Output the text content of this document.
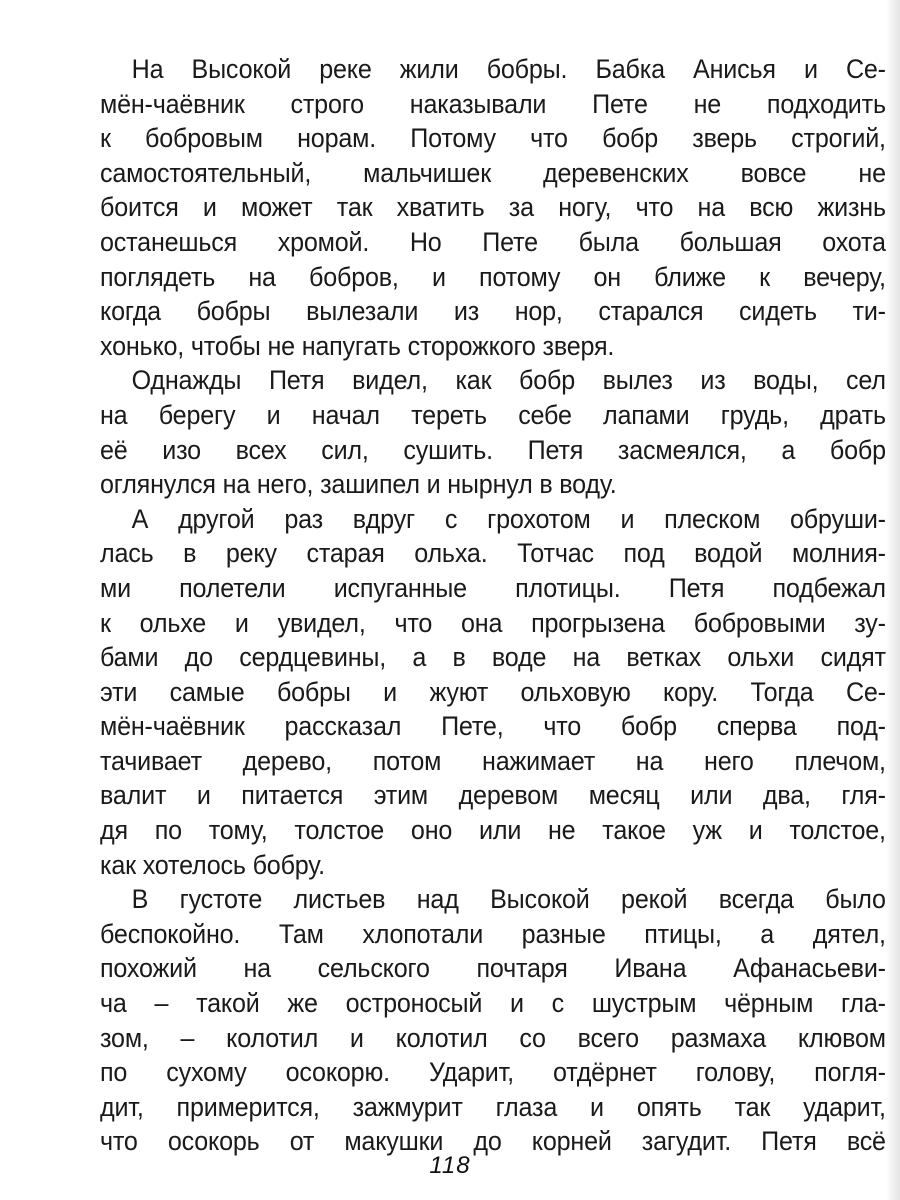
На Высокой реке жили бобры. Бабка Анисья и Се-
мён-чаёвник строго наказывали Пете не подходить
к бобровым норам. Потому что бобр зверь строгий,
самостоятельный, мальчишек деревенских вовсе не
боится и может так хватить за ногу, что на всю жизнь
останешься хромой. Но Пете была большая охота
поглядеть на бобров, и потому он ближе к вечеру,
когда бобры вылезали из нор, старался сидеть ти-
хонько, чтобы не напугать сторожкого зверя.
Однажды Петя видел, как бобр вылез из воды, сел
на берегу и начал тереть себе лапами грудь, драть
её изо всех сил, сушить. Петя засмеялся, а бобр
оглянулся на него, зашипел и нырнул в воду.
А другой раз вдруг с грохотом и плеском обруши-
лась в реку старая ольха. Тотчас под водой молния-
ми полетели испуганные плотицы. Петя подбежал
к ольхе и увидел, что она прогрызена бобровыми зу-
бами до сердцевины, а в воде на ветках ольхи сидят
эти самые бобры и жуют ольховую кору. Тогда Се-
мён-чаёвник рассказал Пете, что бобр сперва под-
тачивает дерево, потом нажимает на него плечом,
валит и питается этим деревом месяц или два, гля-
дя по тому, толстое оно или не такое уж и толстое,
как хотелось бобру.
В густоте листьев над Высокой рекой всегда было
беспокойно. Там хлопотали разные птицы, а дятел,
похожий на сельского почтаря Ивана Афанасьеви-
ча – такой же остроносый и с шустрым чёрным гла-
зом, – колотил и колотил со всего размаха клювом
по сухому осокорю. Ударит, отдёрнет голову, погля-
дит, примерится, зажмурит глаза и опять так ударит,
что осокорь от макушки до корней загудит. Петя всё
118
